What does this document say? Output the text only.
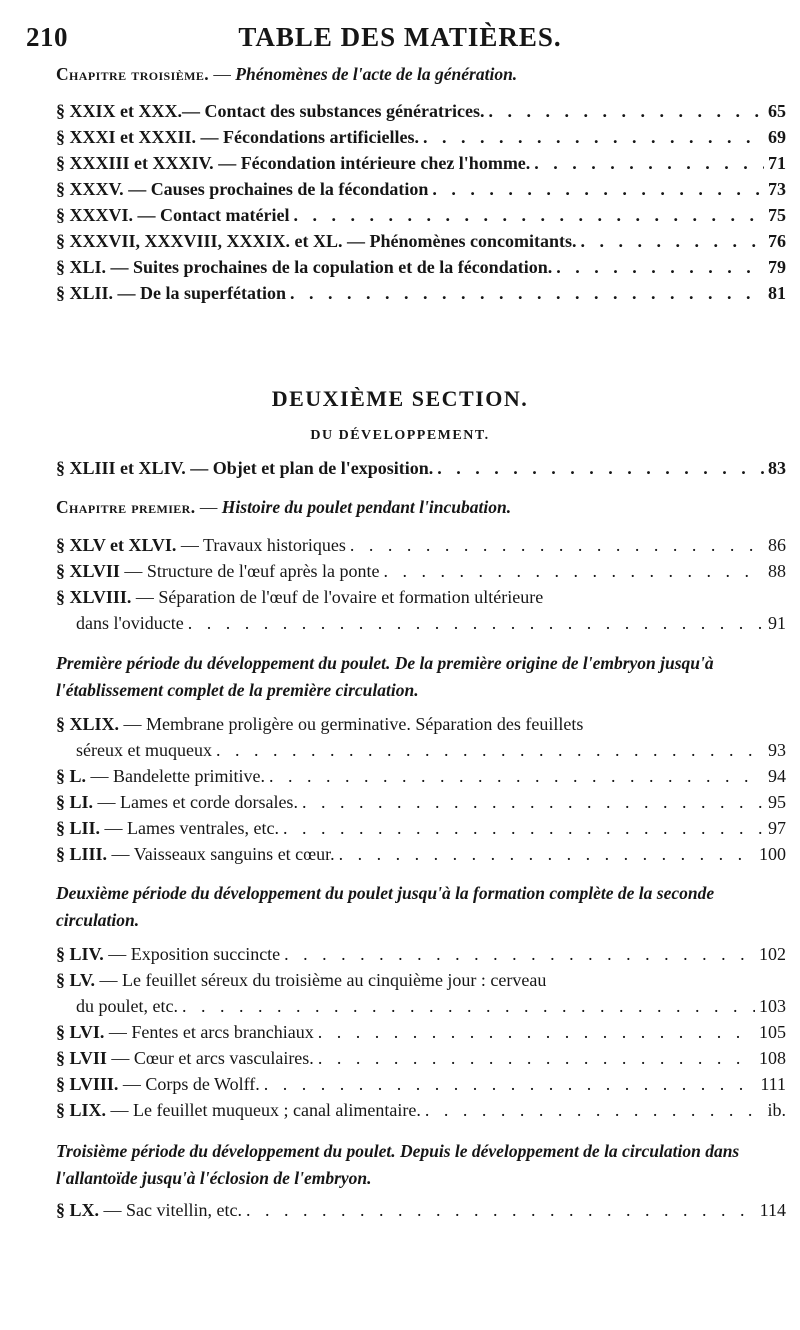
210	TABLE DES MATIÈRES.
Chapitre troisième. — Phénomènes de l'acte de la génération.
§ XXIX et XXX.— Contact des substances génératrices. . . .	65
§ XXXI et XXXII. — Fécondations artificielles. . . .	69
§ XXXIII et XXXIV. — Fécondation intérieure chez l'homme. . . .	71
§ XXXV. — Causes prochaines de la fécondation . . .	73
§ XXXVI. — Contact matériel . . .	75
§ XXXVII, XXXVIII, XXXIX. et XL. — Phénomènes concomitants. . . .	76
§ XLI. — Suites prochaines de la copulation et de la fécondation. . . .	79
§ XLII. — De la superfétation . . .	81
DEUXIÈME SECTION.
DU DÉVELOPPEMENT.
§ XLIII et XLIV. — Objet et plan de l'exposition. . . .	83
Chapitre premier. — Histoire du poulet pendant l'incubation.
§ XLV et XLVI. — Travaux historiques . . .	86
§ XLVII — Structure de l'œuf après la ponte . . .	88
§ XLVIII. — Séparation de l'œuf de l'ovaire et formation ultérieure
dans l'oviducte . . .	91
Première période du développement du poulet. De la première origine de l'embryon jusqu'à l'établissement complet de la première circulation.
§ XLIX. — Membrane proligère ou germinative. Séparation des feuillets
séreux et muqueux . . .	93
§ L. — Bandelette primitive. . . .	94
§ LI. — Lames et corde dorsales. . . .	95
§ LII. — Lames ventrales, etc. . . .	97
§ LIII. — Vaisseaux sanguins et cœur. . . .	100
Deuxième période du développement du poulet jusqu'à la formation complète de la seconde circulation.
§ LIV. — Exposition succincte . . .	102
§ LV. — Le feuillet séreux du troisième au cinquième jour : cerveau
du poulet, etc. . . .	103
§ LVI. — Fentes et arcs branchiaux . . .	105
§ LVII — Cœur et arcs vasculaires. . . .	108
§ LVIII. — Corps de Wolff. . . .	111
§ LIX. — Le feuillet muqueux ; canal alimentaire. . . .	ib.
Troisième période du développement du poulet. Depuis le développement de la circulation dans l'allantoïde jusqu'à l'éclosion de l'embryon.
§ LX. — Sac vitellin, etc. . . .	114
